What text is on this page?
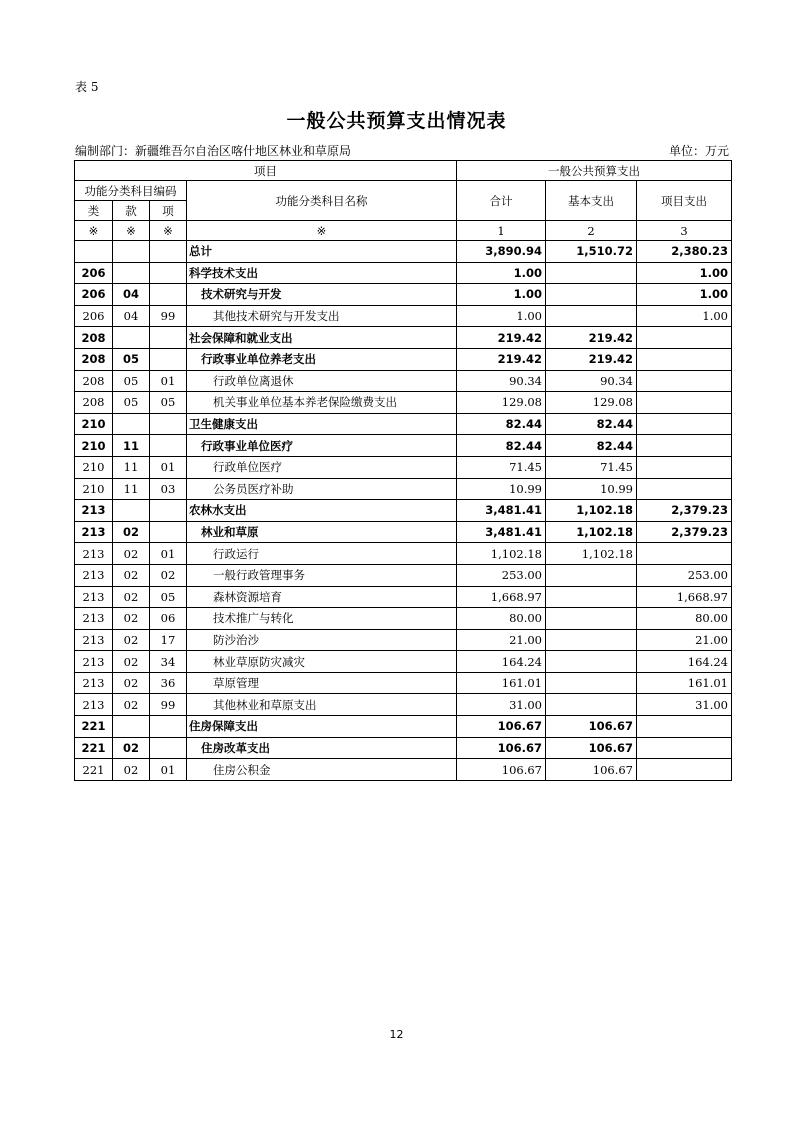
表 5
一般公共预算支出情况表
编制部门：新疆维吾尔自治区喀什地区林业和草原局	单位：万元
项目				一般公共预算支出		
功能分类科目编码			功能分类科目名称	合计	基本支出	项目支出
类	款	项				
※	※	※	※	1	2	3
			总计	3,890.94	1,510.72	2,380.23
206			科学技术支出	1.00		1.00
206	04		技术研究与开发	1.00		1.00
206	04	99	其他技术研究与开发支出	1.00		1.00
208			社会保障和就业支出	219.42	219.42	
208	05		行政事业单位养老支出	219.42	219.42	
208	05	01	行政单位离退休	90.34	90.34	
208	05	05	机关事业单位基本养老保险缴费支出	129.08	129.08	
210			卫生健康支出	82.44	82.44	
210	11		行政事业单位医疗	82.44	82.44	
210	11	01	行政单位医疗	71.45	71.45	
210	11	03	公务员医疗补助	10.99	10.99	
213			农林水支出	3,481.41	1,102.18	2,379.23
213	02		林业和草原	3,481.41	1,102.18	2,379.23
213	02	01	行政运行	1,102.18	1,102.18	
213	02	02	一般行政管理事务	253.00		253.00
213	02	05	森林资源培育	1,668.97		1,668.97
213	02	06	技术推广与转化	80.00		80.00
213	02	17	防沙治沙	21.00		21.00
213	02	34	林业草原防灾减灾	164.24		164.24
213	02	36	草原管理	161.01		161.01
213	02	99	其他林业和草原支出	31.00		31.00
221			住房保障支出	106.67	106.67	
221	02		住房改革支出	106.67	106.67	
221	02	01	住房公积金	106.67	106.67	
12
